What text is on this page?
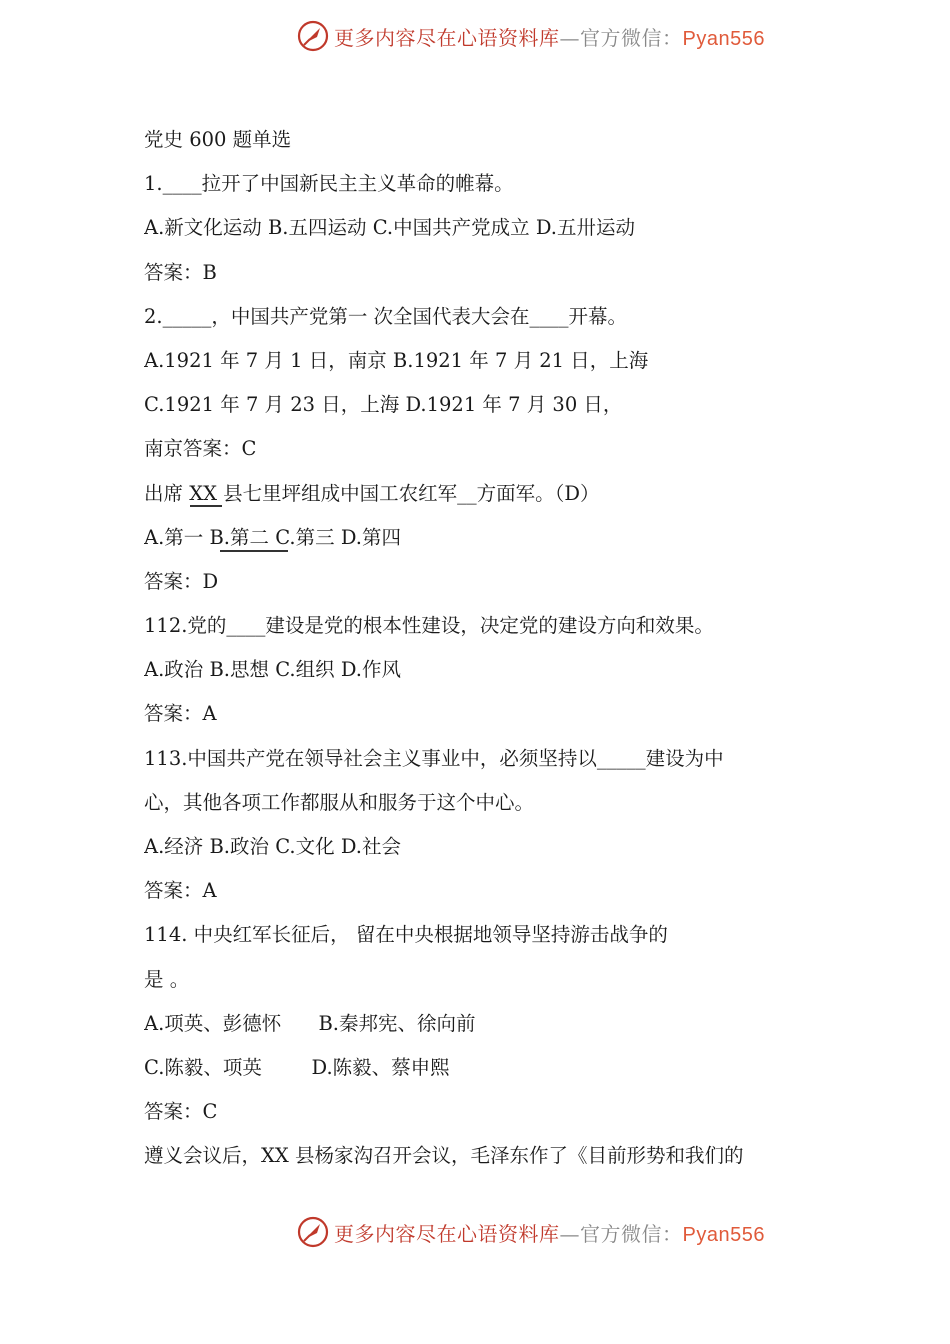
更多内容尽在心语资料库—官方微信：Pyan556
党史 600 题单选
1.____拉开了中国新民主主义革命的帷幕。
A.新文化运动 B.五四运动 C.中国共产党成立 D.五卅运动
答案：B
2._____，中国共产党第一 次全国代表大会在____开幕。
A.1921 年 7 月 1 日，南京 B.1921 年 7 月 21 日，上海
C.1921 年 7 月 23 日，上海 D.1921 年 7 月 30 日，
南京答案：C
出席 XX 县七里坪组成中国工农红军__方面军。（D）
A.第一 B.第二 C.第三 D.第四
答案：D
112.党的____建设是党的根本性建设，决定党的建设方向和效果。
A.政治 B.思想 C.组织 D.作风
答案：A
113.中国共产党在领导社会主义事业中，必须坚持以_____建设为中
心，其他各项工作都服从和服务于这个中心。
A.经济 B.政治 C.文化 D.社会
答案：A
114. 中央红军长征后， 留在中央根据地领导坚持游击战争的
是 。
A.项英、彭德怀      B.秦邦宪、徐向前
C.陈毅、项英        D.陈毅、蔡申熙
答案：C
遵义会议后，XX 县杨家沟召开会议，毛泽东作了《目前形势和我们的
更多内容尽在心语资料库—官方微信：Pyan556
